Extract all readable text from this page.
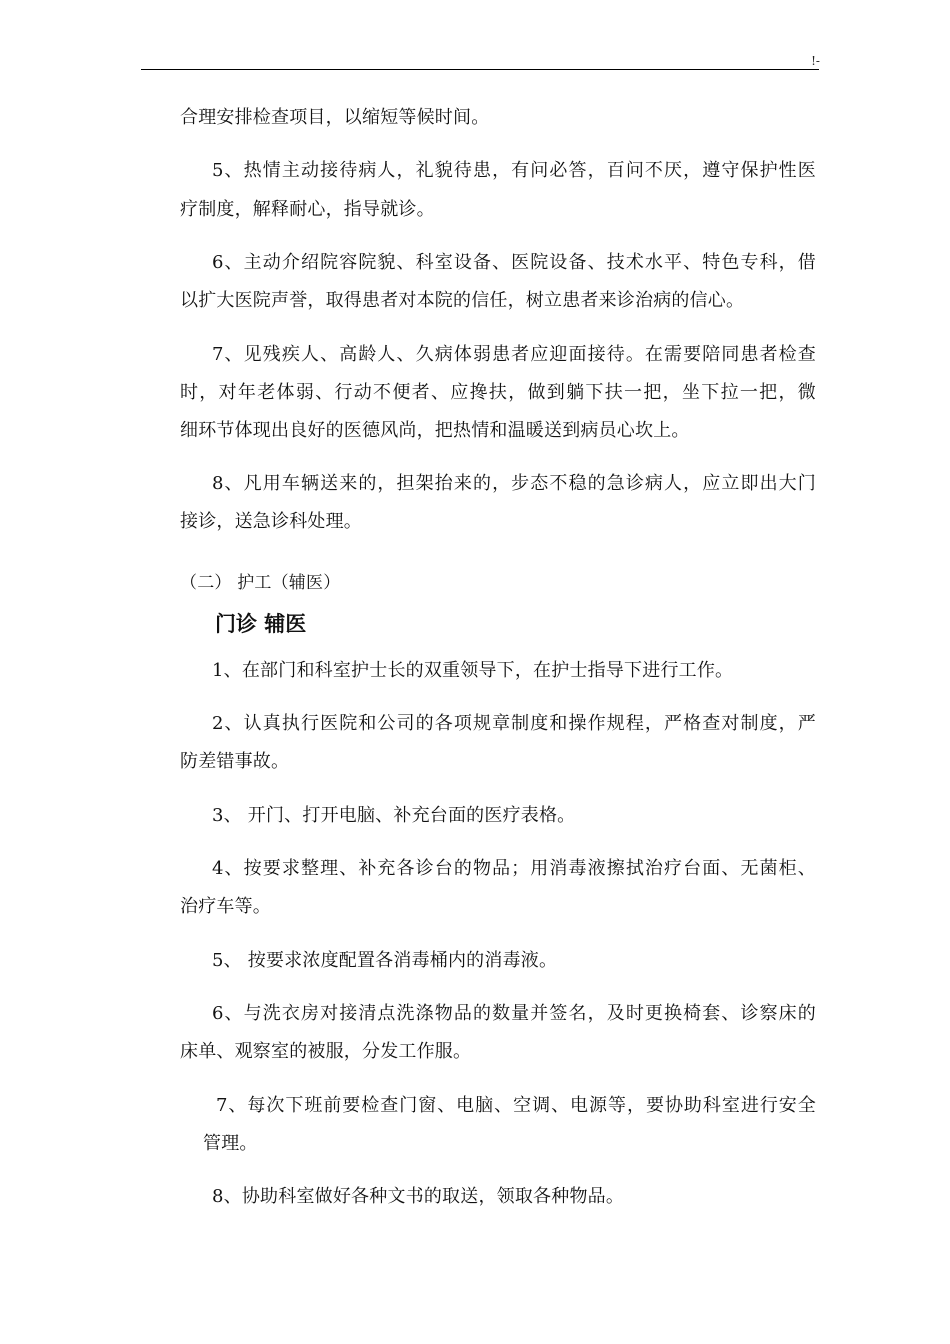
!-
合理安排检查项目，以缩短等候时间。
5、热情主动接待病人，礼貌待患，有问必答，百问不厌，遵守保护性医
疗制度，解释耐心，指导就诊。
6、主动介绍院容院貌、科室设备、医院设备、技术水平、特色专科，借
以扩大医院声誉，取得患者对本院的信任，树立患者来诊治病的信心。
7、见残疾人、高龄人、久病体弱患者应迎面接待。在需要陪同患者检查
时，对年老体弱、行动不便者、应搀扶，做到躺下扶一把，坐下拉一把，微
细环节体现出良好的医德风尚，把热情和温暖送到病员心坎上。
8、凡用车辆送来的，担架抬来的，步态不稳的急诊病人，应立即出大门
接诊，送急诊科处理。
（二） 护工（辅医）
门诊 辅医
1、在部门和科室护士长的双重领导下，在护士指导下进行工作。
2、认真执行医院和公司的各项规章制度和操作规程，严格查对制度，严
防差错事故。
3、 开门、打开电脑、补充台面的医疗表格。
4、按要求整理、补充各诊台的物品；用消毒液擦拭治疗台面、无菌柜、
治疗车等。
5、 按要求浓度配置各消毒桶内的消毒液。
6、与洗衣房对接清点洗涤物品的数量并签名，及时更换椅套、诊察床的
床单、观察室的被服，分发工作服。
7、每次下班前要检查门窗、电脑、空调、电源等，要协助科室进行安全
管理。
8、协助科室做好各种文书的取送，领取各种物品。
